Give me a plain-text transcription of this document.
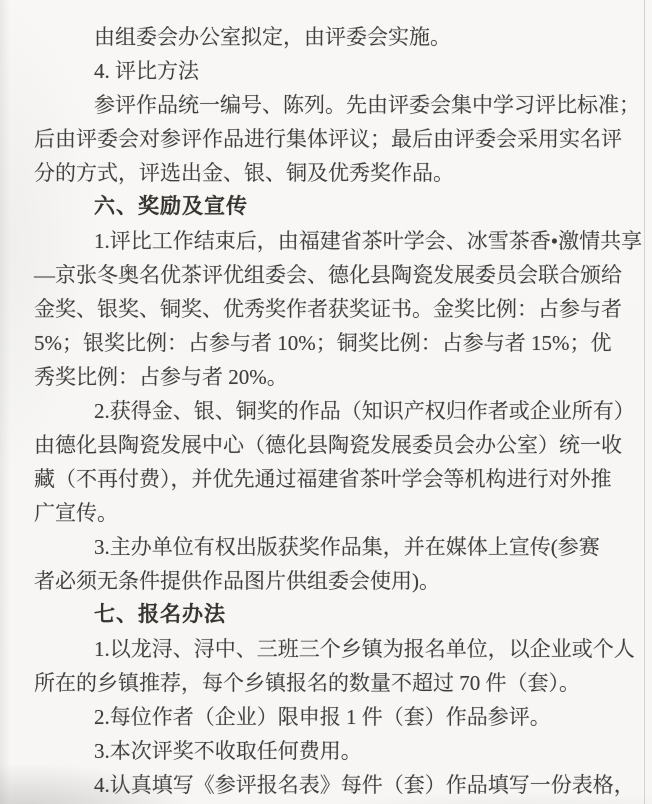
由组委会办公室拟定，由评委会实施。
4. 评比方法
参评作品统一编号、陈列。先由评委会集中学习评比标准；
后由评委会对参评作品进行集体评议；最后由评委会采用实名评
分的方式，评选出金、银、铜及优秀奖作品。
六、奖励及宣传
1.评比工作结束后，由福建省茶叶学会、冰雪茶香•激情共享
—京张冬奥名优茶评优组委会、德化县陶瓷发展委员会联合颁给
金奖、银奖、铜奖、优秀奖作者获奖证书。金奖比例：占参与者
5%；银奖比例：占参与者 10%；铜奖比例：占参与者 15%；优
秀奖比例：占参与者 20%。
2.获得金、银、铜奖的作品（知识产权归作者或企业所有）
由德化县陶瓷发展中心（德化县陶瓷发展委员会办公室）统一收
藏（不再付费），并优先通过福建省茶叶学会等机构进行对外推
广宣传。
3.主办单位有权出版获奖作品集，并在媒体上宣传(参赛
者必须无条件提供作品图片供组委会使用)。
七、报名办法
1.以龙浔、浔中、三班三个乡镇为报名单位，以企业或个人
所在的乡镇推荐，每个乡镇报名的数量不超过 70 件（套）。
2.每位作者（企业）限申报 1 件（套）作品参评。
3.本次评奖不收取任何费用。
4.认真填写《参评报名表》每件（套）作品填写一份表格，
